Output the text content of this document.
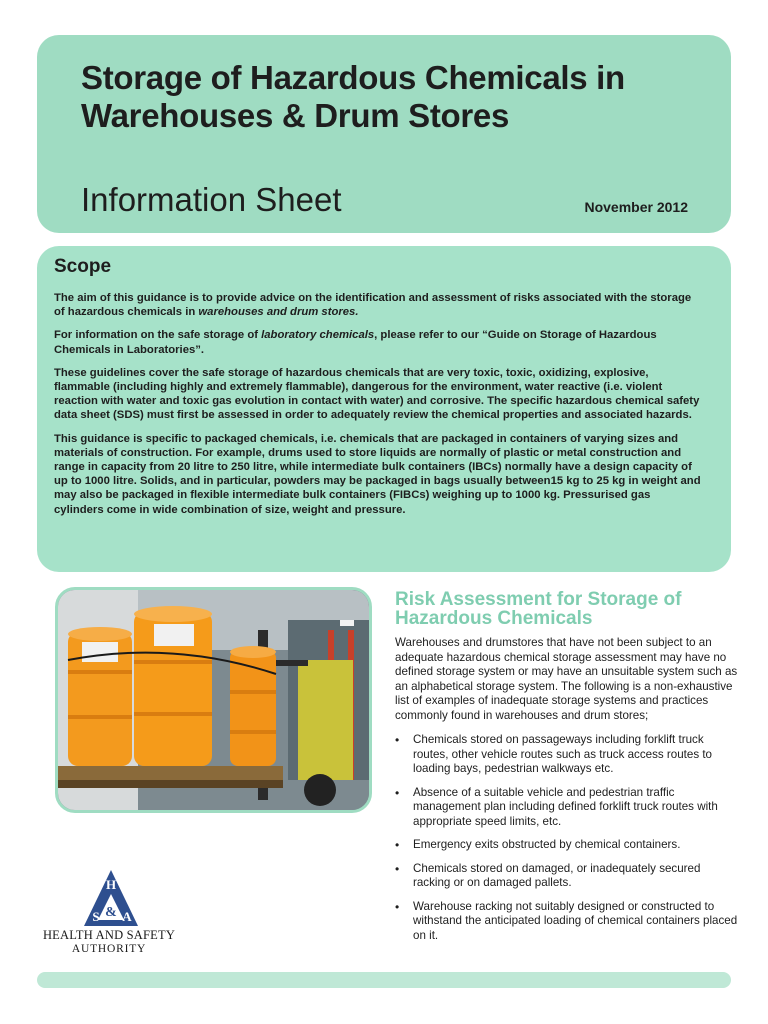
Storage of Hazardous Chemicals in Warehouses & Drum Stores
Information Sheet	November 2012
Scope

The aim of this guidance is to provide advice on the identification and assessment of risks associated with the storage of hazardous chemicals in warehouses and drum stores.

For information on the safe storage of laboratory chemicals, please refer to our “Guide on Storage of Hazardous Chemicals in Laboratories”.

These guidelines cover the safe storage of hazardous chemicals that are very toxic, toxic, oxidizing, explosive, flammable (including highly and extremely flammable), dangerous for the environment, water reactive (i.e. violent reaction with water and toxic gas evolution in contact with water) and corrosive. The specific hazardous chemical safety data sheet (SDS) must first be assessed in order to adequately review the chemical properties and associated hazards.

This guidance is specific to packaged chemicals, i.e. chemicals that are packaged in containers of varying sizes and materials of construction. For example, drums used to store liquids are normally of plastic or metal construction and range in capacity from 20 litre to 250 litre, while intermediate bulk containers (IBCs) normally have a design capacity of up to 1000 litre. Solids, and in particular, powders may be packaged in bags usually between15 kg to 25 kg in weight and may also be packaged in flexible intermediate bulk containers (FIBCs) weighing up to 1000 kg. Pressurised gas cylinders come in wide combination of size, weight and pressure.

H
S & A
HEALTH AND SAFETY
AUTHORITY
Risk Assessment for Storage of Hazardous Chemicals

Warehouses and drumstores that have not been subject to an adequate hazardous chemical storage assessment may have no defined storage system or may have an unsuitable system such as an alphabetical storage system. The following is a non-exhaustive list of examples of inadequate storage systems and practices commonly found in warehouses and drum stores;

• Chemicals stored on passageways including forklift truck routes, other vehicle routes such as truck access routes to loading bays, pedestrian walkways etc.
• Absence of a suitable vehicle and pedestrian traffic management plan including defined forklift truck routes with appropriate speed limits, etc.
• Emergency exits obstructed by chemical containers.
• Chemicals stored on damaged, or inadequately secured racking or on damaged pallets.
• Warehouse racking not suitably designed or constructed to withstand the anticipated loading of chemical containers placed on it.
